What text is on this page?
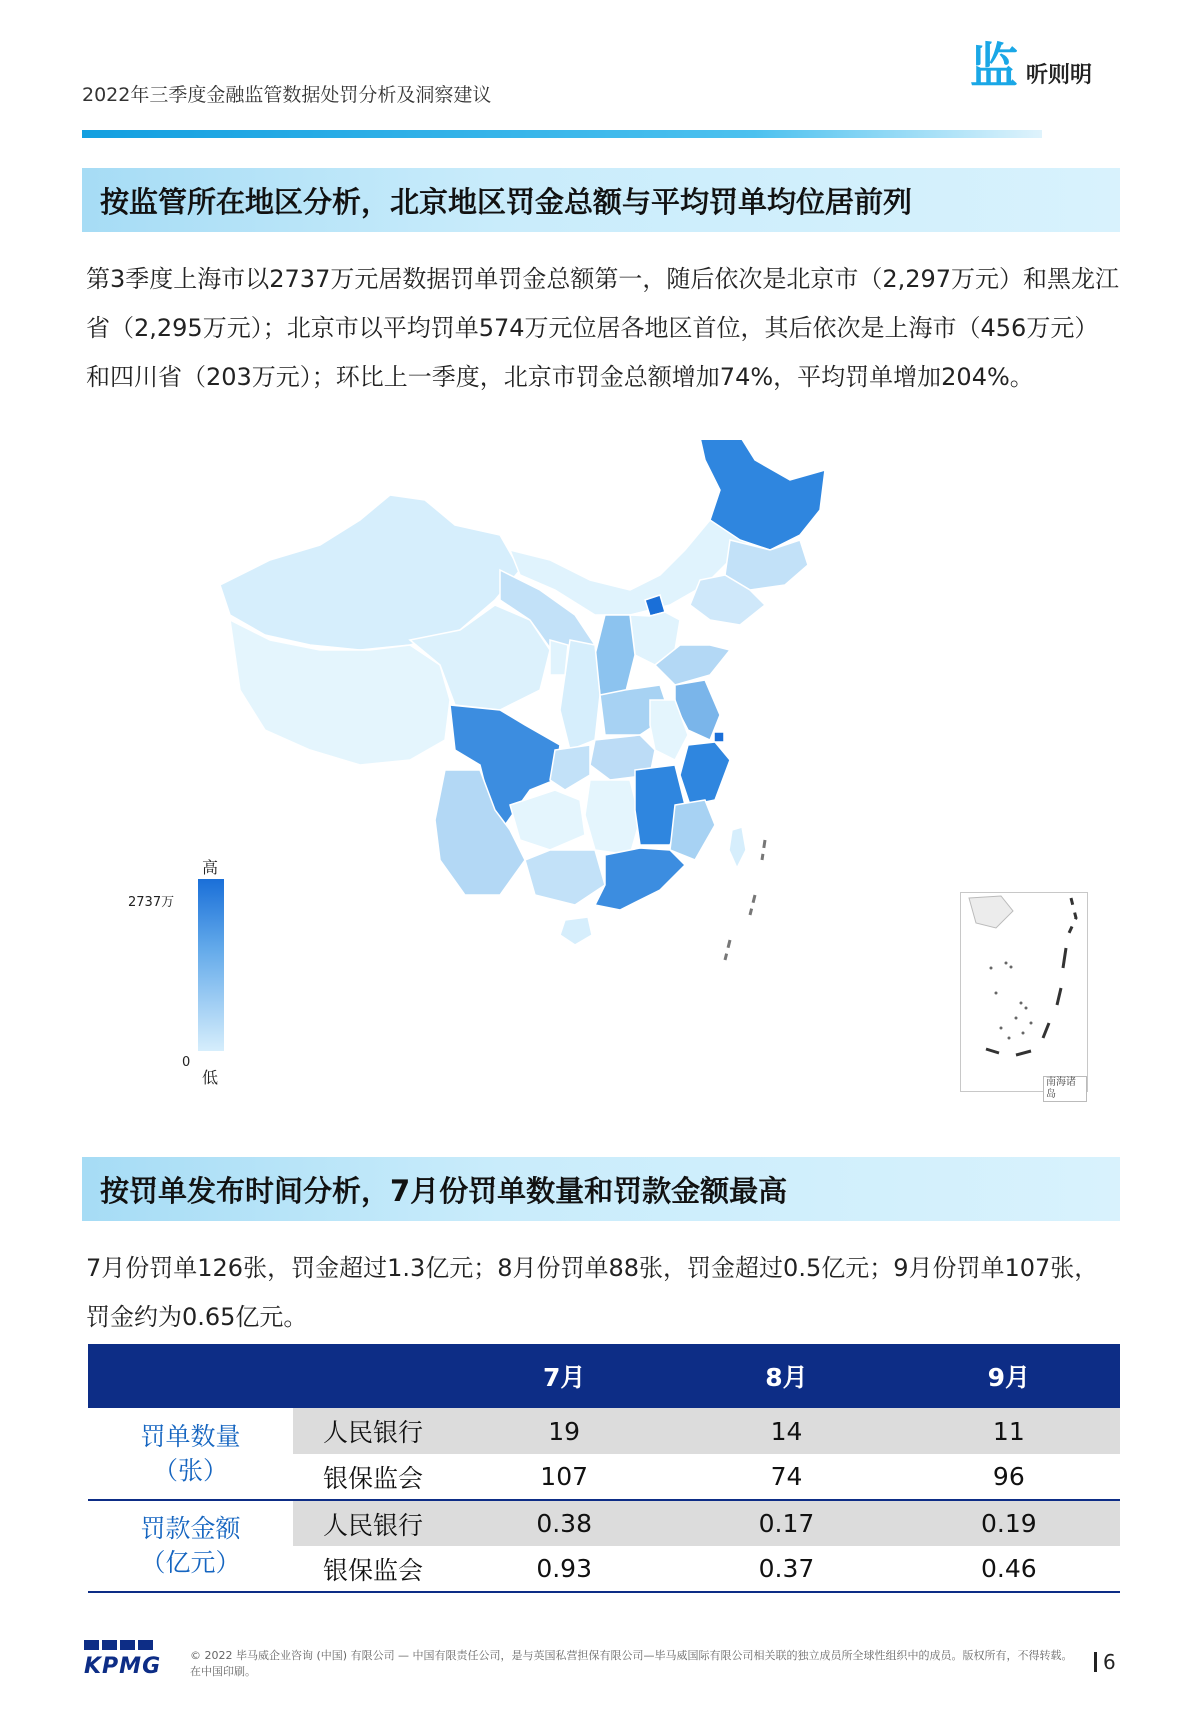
2022年三季度金融监管数据处罚分析及洞察建议
监 听则明
按监管所在地区分析，北京地区罚金总额与平均罚单均位居前列
第3季度上海市以2737万元居数据罚单罚金总额第一，随后依次是北京市（2,297万元）和黑龙江省（2,295万元）；北京市以平均罚单574万元位居各地区首位，其后依次是上海市（456万元）和四川省（203万元）；环比上一季度，北京市罚金总额增加74%，平均罚单增加204%。
高
2737万
0
低	南海诸岛
按罚单发布时间分析，7月份罚单数量和罚款金额最高
7月份罚单126张，罚金超过1.3亿元；8月份罚单88张，罚金超过0.5亿元；9月份罚单107张，罚金约为0.65亿元。
		7月	8月	9月

罚单数量
（张）	人民银行	19	14	11
	银保监会	107	74	96

罚款金额
（亿元）	人民银行	0.38	0.17	0.19
	银保监会	0.93	0.37	0.46
KPMG	© 2022 毕马威企业咨询 (中国) 有限公司 — 中国有限责任公司，是与英国私营担保有限公司—毕马威国际有限公司相关联的独立成员所全球性组织中的成员。版权所有，不得转载。在中国印刷。	6
